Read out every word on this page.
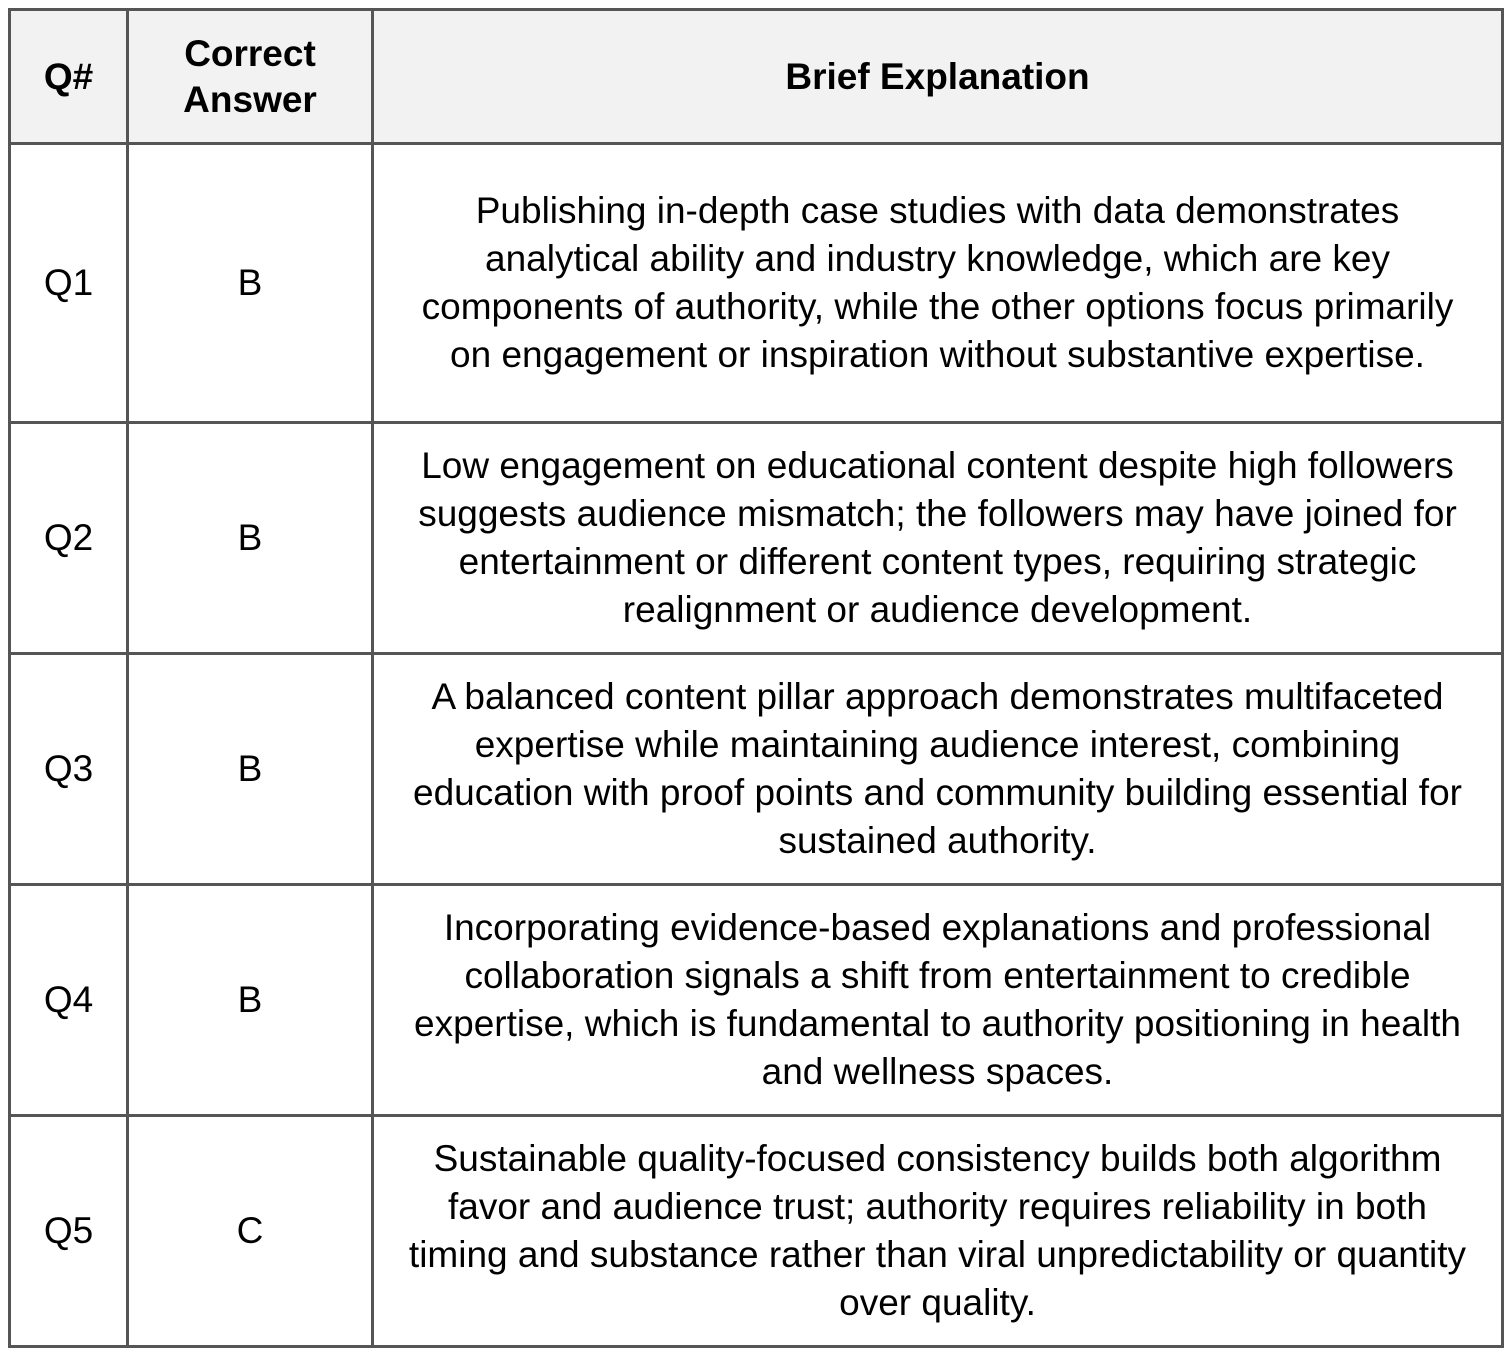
Q#	Correct Answer	Brief Explanation
Q1	B	Publishing in-depth case studies with data demonstrates analytical ability and industry knowledge, which are key components of authority, while the other options focus primarily on engagement or inspiration without substantive expertise.
Q2	B	Low engagement on educational content despite high followers suggests audience mismatch; the followers may have joined for entertainment or different content types, requiring strategic realignment or audience development.
Q3	B	A balanced content pillar approach demonstrates multifaceted expertise while maintaining audience interest, combining education with proof points and community building essential for sustained authority.
Q4	B	Incorporating evidence-based explanations and professional collaboration signals a shift from entertainment to credible expertise, which is fundamental to authority positioning in health and wellness spaces.
Q5	C	Sustainable quality-focused consistency builds both algorithm favor and audience trust; authority requires reliability in both timing and substance rather than viral unpredictability or quantity over quality.
